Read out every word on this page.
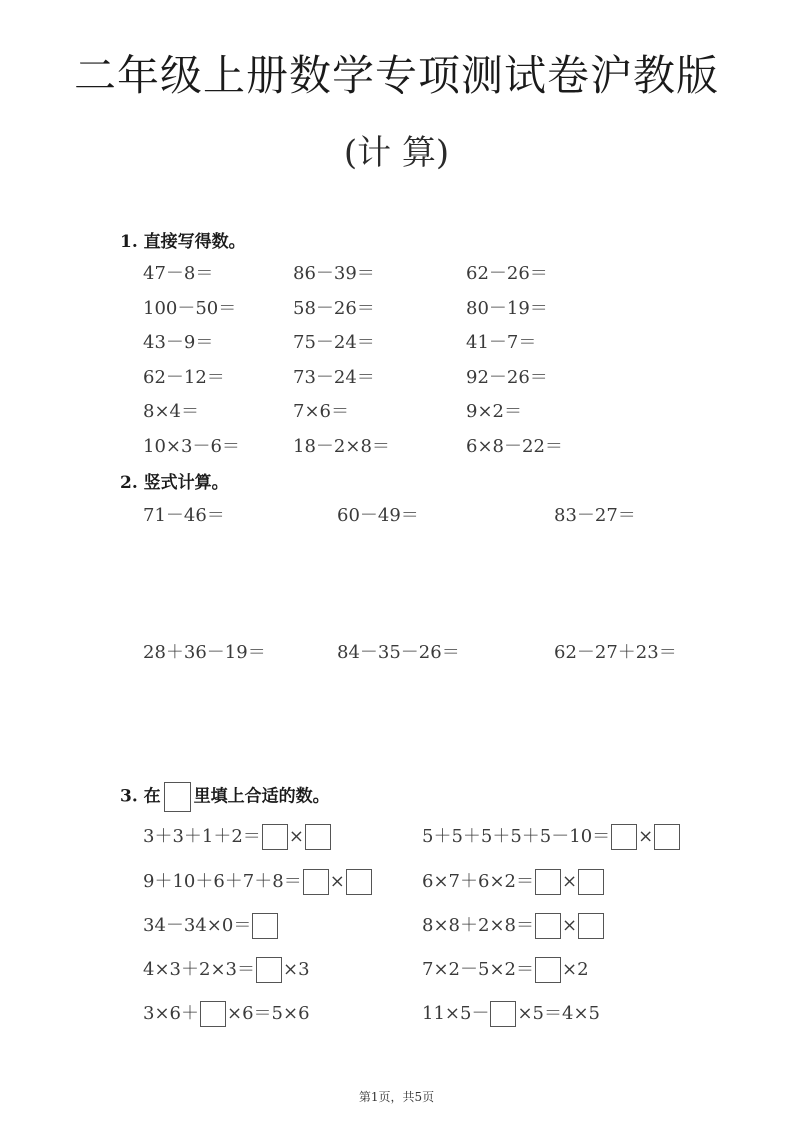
二年级上册数学专项测试卷沪教版
(计 算)
1. 直接写得数。
47－8＝	86－39＝	62－26＝
100－50＝	58－26＝	80－19＝
43－9＝	75－24＝	41－7＝
62－12＝	73－24＝	92－26＝
8×4＝	7×6＝	9×2＝
10×3－6＝	18－2×8＝	6×8－22＝
2. 竖式计算。
71－46＝	60－49＝	83－27＝
28＋36－19＝	84－35－26＝	62－27＋23＝
3. 在 里填上合适的数。
3＋3＋1＋2＝ ×	5＋5＋5＋5＋5－10＝ ×
9＋10＋6＋7＋8＝ ×	6×7＋6×2＝ ×
34－34×0＝	8×8＋2×8＝ ×
4×3＋2×3＝ ×3	7×2－5×2＝ ×2
3×6＋ ×6＝5×6	11×5－ ×5＝4×5
第1页，共5页
